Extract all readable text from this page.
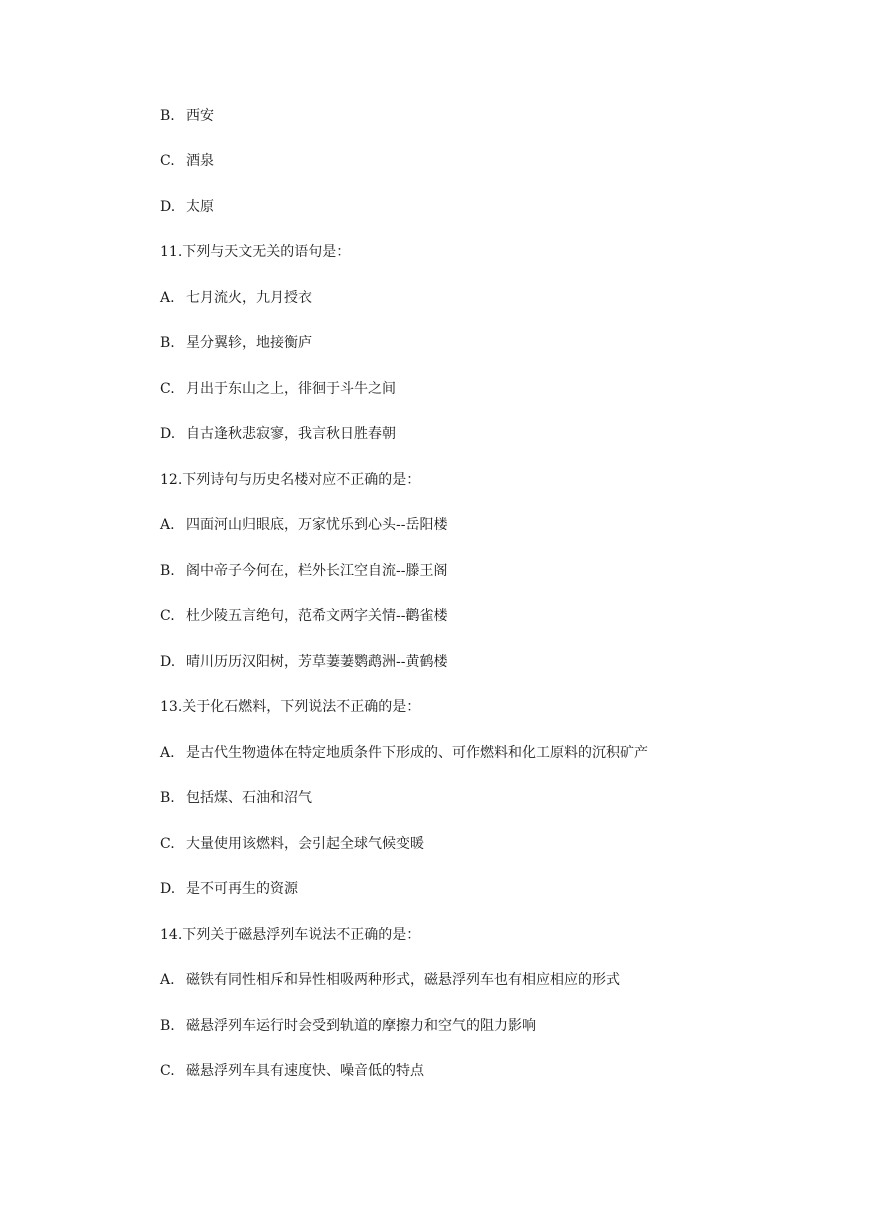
B. 西安
C. 酒泉
D. 太原
11.下列与天文无关的语句是：
A. 七月流火，九月授衣
B. 星分翼轸，地接衡庐
C. 月出于东山之上，徘徊于斗牛之间
D. 自古逢秋悲寂寥，我言秋日胜春朝
12.下列诗句与历史名楼对应不正确的是：
A. 四面河山归眼底，万家忧乐到心头--岳阳楼
B. 阁中帝子今何在，栏外长江空自流--滕王阁
C. 杜少陵五言绝句，范希文两字关情--鹳雀楼
D. 晴川历历汉阳树，芳草萋萋鹦鹉洲--黄鹤楼
13.关于化石燃料，下列说法不正确的是：
A. 是古代生物遗体在特定地质条件下形成的、可作燃料和化工原料的沉积矿产
B. 包括煤、石油和沼气
C. 大量使用该燃料，会引起全球气候变暖
D. 是不可再生的资源
14.下列关于磁悬浮列车说法不正确的是：
A. 磁铁有同性相斥和异性相吸两种形式，磁悬浮列车也有相应相应的形式
B. 磁悬浮列车运行时会受到轨道的摩擦力和空气的阻力影响
C. 磁悬浮列车具有速度快、噪音低的特点
